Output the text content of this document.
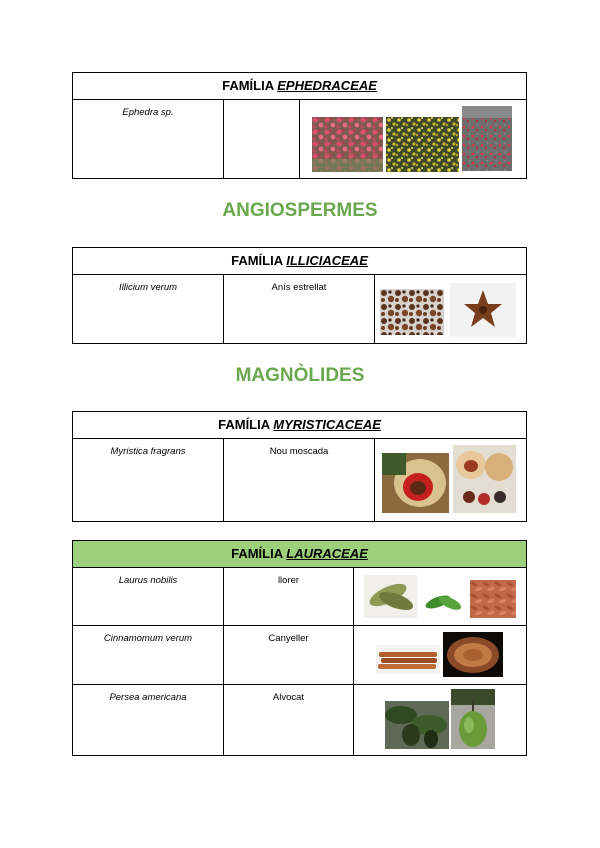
FAMÍLIA EPHEDRACEAE
Ephedra sp.		
ANGIOSPERMES
FAMÍLIA ILLICIACEAE
Illicium verum	Anís estrellat	
MAGNÒLIDES
FAMÍLIA MYRISTICACEAE
Myristica fragrans	Nou moscada	
FAMÍLIA LAURACEAE		
Laurus nobilis	llorer	

Cinnamomum verum	Canyeller	

Persea americana	Alvocat	
